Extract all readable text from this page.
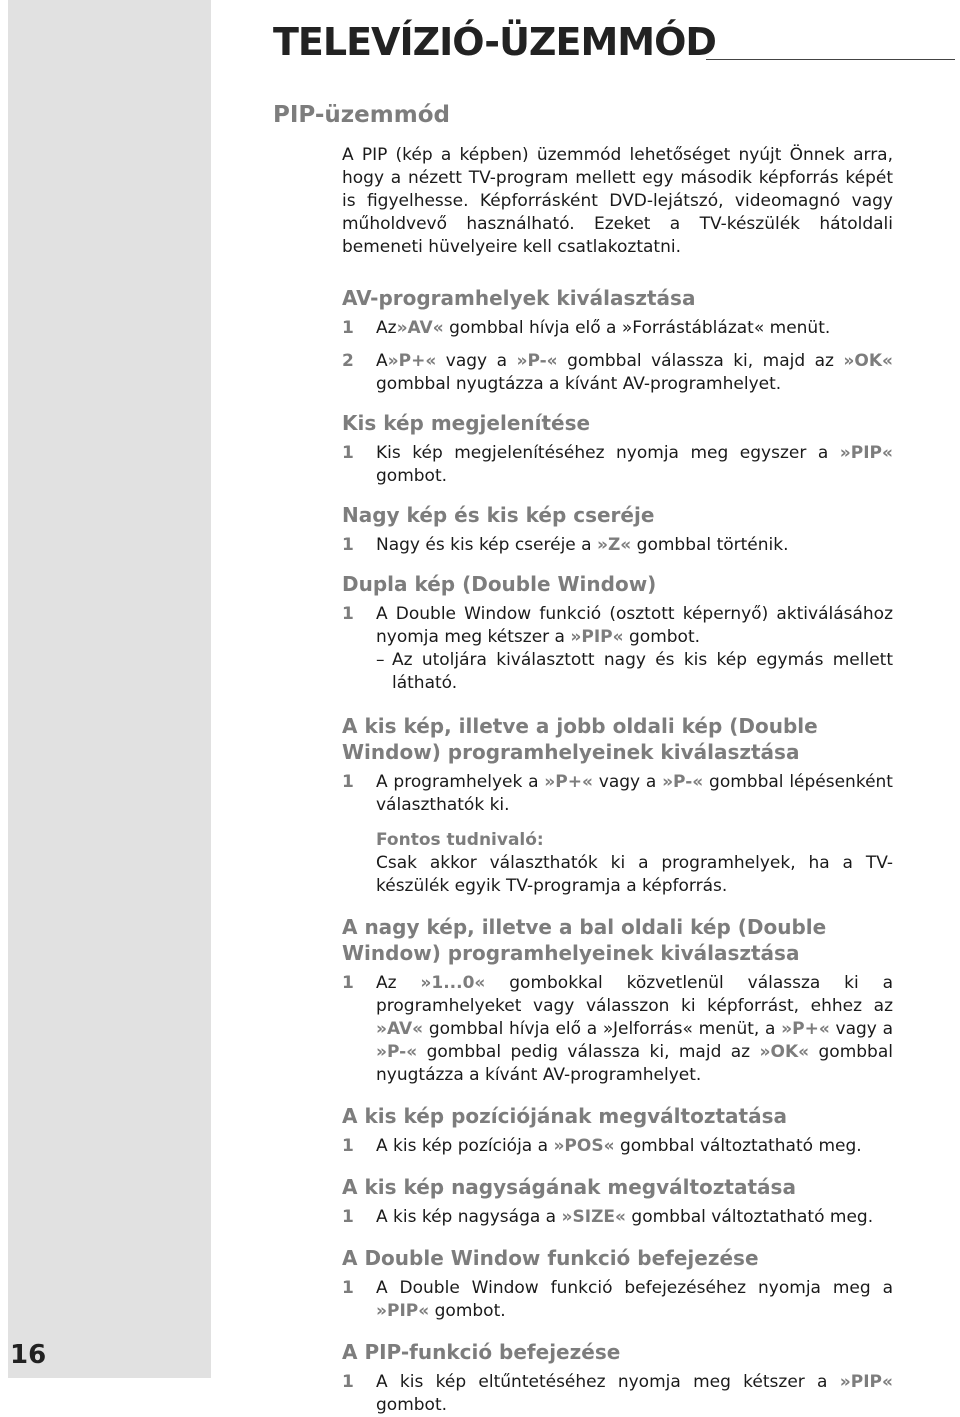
16
TELEVÍZIÓ-ÜZEMMÓD
PIP-üzemmód

A PIP (kép a képben) üzemmód lehetőséget nyújt Önnek arra, hogy a nézett TV-program mellett egy második képforrás képét is figyelhesse. Képforrásként DVD-lejátszó, videomagnó vagy műholdvevő használható. Ezeket a TV-készülék hátoldali bemeneti hüvelyeire kell csatlakoztatni.

AV-programhelyek kiválasztása
1	Az»AV« gombbal hívja elő a »Forrástáblázat« menüt.
2	A»P+« vagy a »P-« gombbal válassza ki, majd az »OK« gombbal nyugtázza a kívánt AV-programhelyet.
Kis kép megjelenítése
1	Kis kép megjelenítéséhez nyomja meg egyszer a »PIP« gombot.
Nagy kép és kis kép cseréje
1	Nagy és kis kép cseréje a »Z« gombbal történik.
Dupla kép (Double Window)
1	A Double Window funkció (osztott képernyő) aktiválásához nyomja meg kétszer a »PIP« gombot.
– Az utoljára kiválasztott nagy és kis kép egymás mellett látható.
A kis kép, illetve a jobb oldali kép (Double Window) programhelyeinek kiválasztása
1	A programhelyek a »P+« vagy a »P-« gombbal lépésenként választhatók ki.
Fontos tudnivaló:
Csak akkor választhatók ki a programhelyek, ha a TV-készülék egyik TV-programja a képforrás.
A nagy kép, illetve a bal oldali kép (Double Window) programhelyeinek kiválasztása
1	Az »1...0« gombokkal közvetlenül válassza ki a programhelyeket vagy válasszon ki képforrást, ehhez az »AV« gombbal hívja elő a »Jelforrás« menüt, a »P+« vagy a »P-« gombbal pedig válassza ki, majd az »OK« gombbal nyugtázza a kívánt AV-programhelyet.
A kis kép pozíciójának megváltoztatása
1	A kis kép pozíciója a »POS« gombbal változtatható meg.
A kis kép nagyságának megváltoztatása
1	A kis kép nagysága a »SIZE« gombbal változtatható meg.
A Double Window funkció befejezése
1	A Double Window funkció befejezéséhez nyomja meg a »PIP« gombot.
A PIP-funkció befejezése
1	A kis kép eltűntetéséhez nyomja meg kétszer a »PIP« gombot.
